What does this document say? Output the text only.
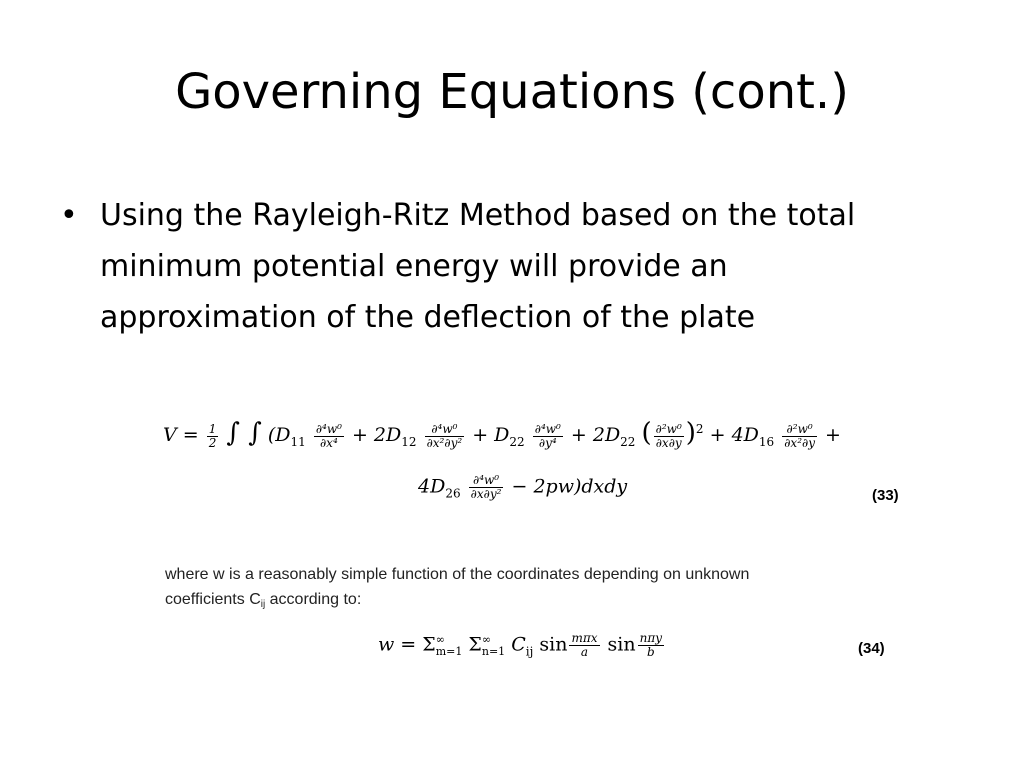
Governing Equations (cont.)
• Using the Rayleigh-Ritz Method based on the total minimum potential energy will provide an approximation of the deflection of the plate
$V = \frac{1}{2}$ ∫ ∫ ($D_{11} \frac{\text{∂⁴w⁰}}{\text{∂x⁴}} + 2D_{12} \frac{\text{∂⁴w⁰}}{\text{∂x²∂y²}} + D_{22} \frac{\text{∂⁴w⁰}}{\text{∂y⁴}} + 2D_{22}$ ( $\frac{\text{∂²w⁰}}{\partial x\partial y} )^2 + 4D_{16} \frac{\text{∂²w⁰}}{\text{∂x²∂y}}$ +
$4D_{26} \frac{\text{∂⁴w⁰}}{\text{∂x∂y²}}$ − 2pw)dxdy	(33)
where w is a reasonably simple function of the coordinates depending on unknown
coefficients Cij according to:
w = Σ ∞
m=1 Σ ∞
n=1 $C_{ij}$ $\sin \frac{\text{mπx}}{a}$ $\sin \frac{\text{nπy}}{b}$	(34)
